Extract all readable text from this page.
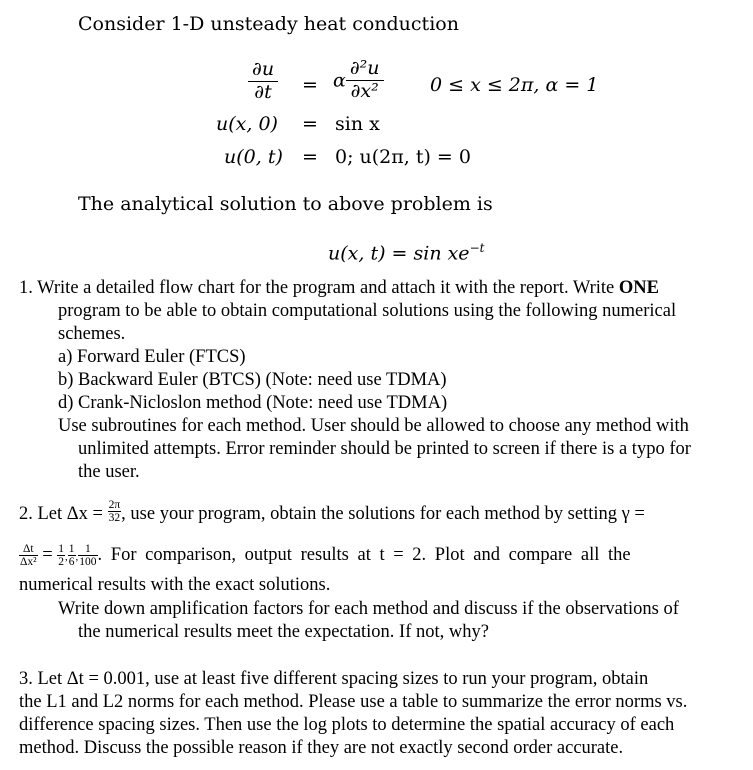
Consider 1-D unsteady heat conduction
$\frac{\partial u}{\partial t} = \alpha \frac{\text{∂²u}}{\text{∂x²}} 0 \le x \le 2\pi$, α = 1
u(x, 0) = sin x
u(0, t) = 0; u(2π, t) = 0
The analytical solution to above problem is
u(x, $t) = \sin xe^{-t}$
1. Write a detailed flow chart for the program and attach it with the report. Write ONE
program to be able to obtain computational solutions using the following numerical
schemes.
a) Forward Euler (FTCS)
b) Backward Euler (BTCS) (Note: need use TDMA)
d) Crank-Nicloslon method (Note: need use TDMA)
Use subroutines for each method. User should be allowed to choose any method with
unlimited attempts. Error reminder should be printed to screen if there is a typo for
the user.
2. Let $\Delta x = \frac{2\pi}{32}$ , use your program, obtain the solutions for each method by setting γ =
$\frac{\Delta t}{\text{Δx²}} = \frac{1}{2}$ , $\frac{1}{6}$ , $\frac{1}{100}$ . For comparison, output results at t = 2. Plot and compare all the
numerical results with the exact solutions.
Write down amplification factors for each method and discuss if the observations of
the numerical results meet the expectation. If not, why?
3. Let Δt = 0.001, use at least five different spacing sizes to run your program, obtain
the L1 and L2 norms for each method. Please use a table to summarize the error norms vs.
difference spacing sizes. Then use the log plots to determine the spatial accuracy of each
method. Discuss the possible reason if they are not exactly second order accurate.
